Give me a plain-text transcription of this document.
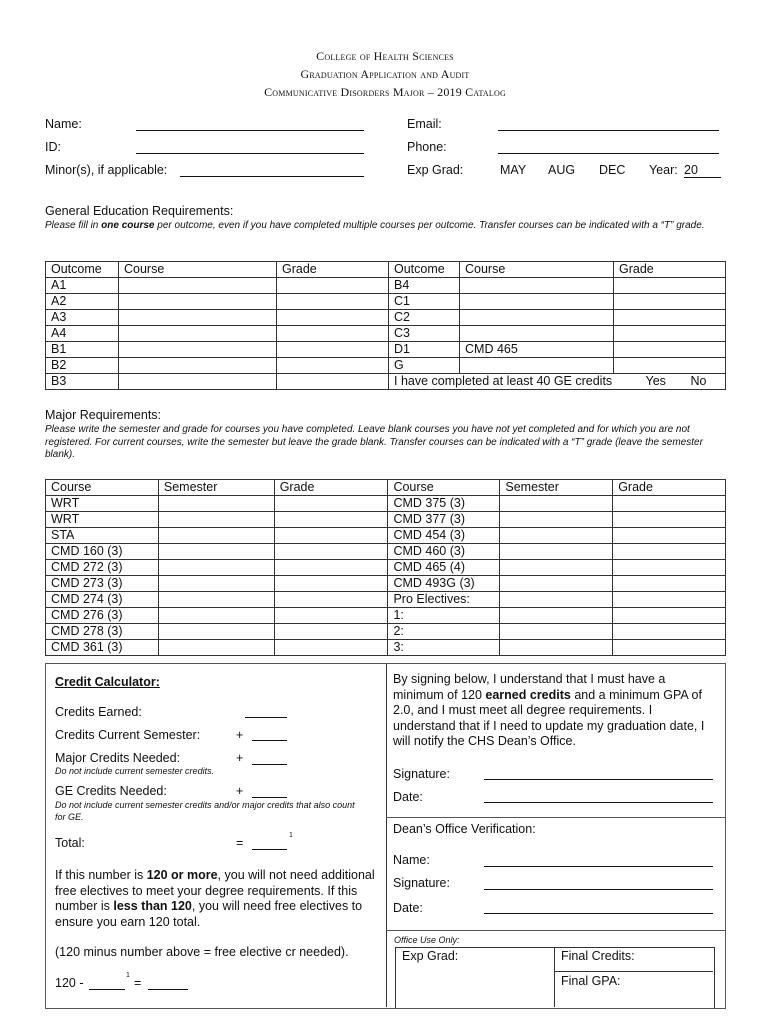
College of Health Sciences
Graduation Application and Audit
Communicative Disorders Major – 2019 Catalog
Name:
ID:
Minor(s), if applicable:
Email:
Phone:
Exp Grad:	MAY AUG DEC Year: 20
General Education Requirements:
Please fill in one course per outcome, even if you have completed multiple courses per outcome. Transfer courses can be indicated with a “T” grade.
Outcome	Course	Grade	Outcome	Course	Grade
A1			B4		
A2			C1		
A3			C2		
A4			C3		
B1			D1	CMD 465	
B2			G		
B3			I have completed at least 40 GE credits Yes No		
Major Requirements:
Please write the semester and grade for courses you have completed. Leave blank courses you have not yet completed and for which you are not registered. For current courses, write the semester but leave the grade blank. Transfer courses can be indicated with a “T” grade (leave the semester blank).
Course	Semester	Grade	Course	Semester	Grade
WRT			CMD 375 (3)		
WRT			CMD 377 (3)		
STA			CMD 454 (3)		
CMD 160 (3)			CMD 460 (3)		
CMD 272 (3)			CMD 465 (4)		
CMD 273 (3)			CMD 493G (3)		
CMD 274 (3)			Pro Electives:		
CMD 276 (3)			1:		
CMD 278 (3)			2:		
CMD 361 (3)			3:		
Credit Calculator:
Credits Earned:
Credits Current Semester:	+
Major Credits Needed:	+
Do not include current semester credits.
GE Credits Needed:	+
Do not include current semester credits and/or major credits that also count for GE.
Total:	=
1
If this number is 120 or more, you will not need additional free electives to meet your degree requirements. If this number is less than 120, you will need free electives to ensure you earn 120 total.
(120 minus number above = free elective cr needed).
120 -
1
=
By signing below, I understand that I must have a minimum of 120 earned credits and a minimum GPA of 2.0, and I must meet all degree requirements. I understand that if I need to update my graduation date, I will notify the CHS Dean’s Office.
Signature:
Date:
Dean’s Office Verification:
Name:
Signature:
Date:
Office Use Only:
Exp Grad:	Final Credits:
Final GPA:
